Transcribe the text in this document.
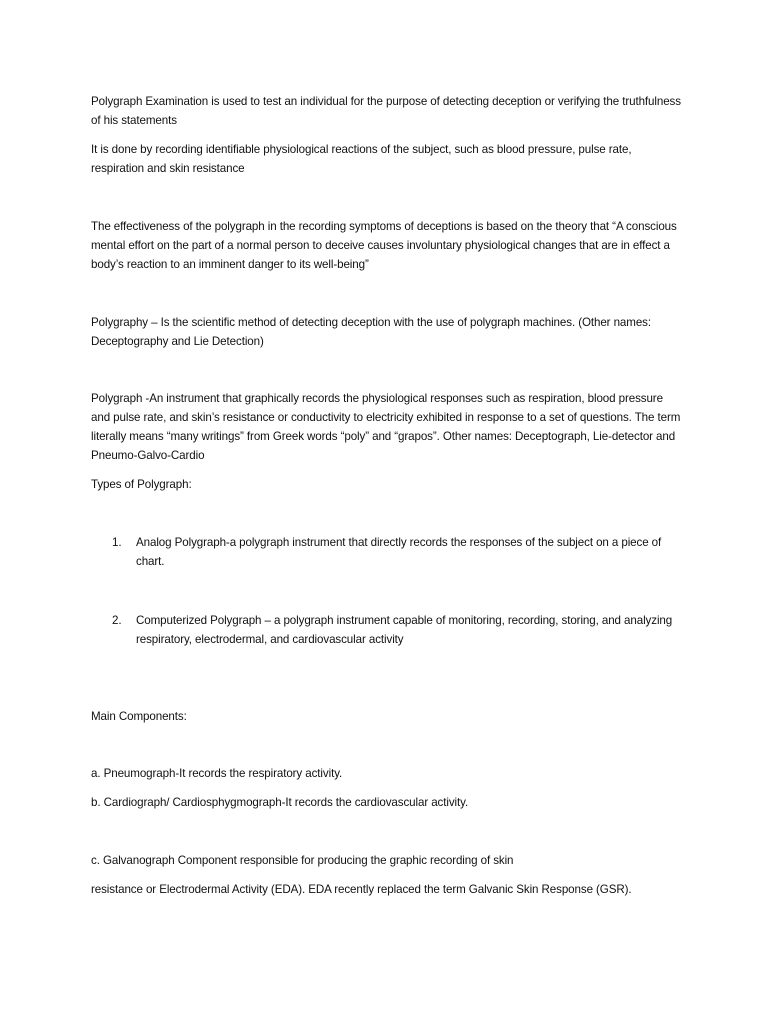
Polygraph Examination is used to test an individual for the purpose of detecting deception or verifying the truthfulness of his statements

It is done by recording identifiable physiological reactions of the subject, such as blood pressure, pulse rate, respiration and skin resistance

The effectiveness of the polygraph in the recording symptoms of deceptions is based on the theory that “A conscious mental effort on the part of a normal person to deceive causes involuntary physiological changes that are in effect a body’s reaction to an imminent danger to its well-being”

Polygraphy – Is the scientific method of detecting deception with the use of polygraph machines. (Other names: Deceptography and Lie Detection)

Polygraph -An instrument that graphically records the physiological responses such as respiration, blood pressure and pulse rate, and skin’s resistance or conductivity to electricity exhibited in response to a set of questions. The term literally means “many writings” from Greek words “poly” and “grapos”. Other names: Deceptograph, Lie-detector and Pneumo-Galvo-Cardio

Types of Polygraph:

1.	Analog Polygraph-a polygraph instrument that directly records the responses of the subject on a piece of chart.

2.	Computerized Polygraph – a polygraph instrument capable of monitoring, recording, storing, and analyzing respiratory, electrodermal, and cardiovascular activity

Main Components:

a. Pneumograph-It records the respiratory activity.

b. Cardiograph/ Cardiosphygmograph-It records the cardiovascular activity.

c. Galvanograph Component responsible for producing the graphic recording of skin

resistance or Electrodermal Activity (EDA). EDA recently replaced the term Galvanic Skin Response (GSR).
